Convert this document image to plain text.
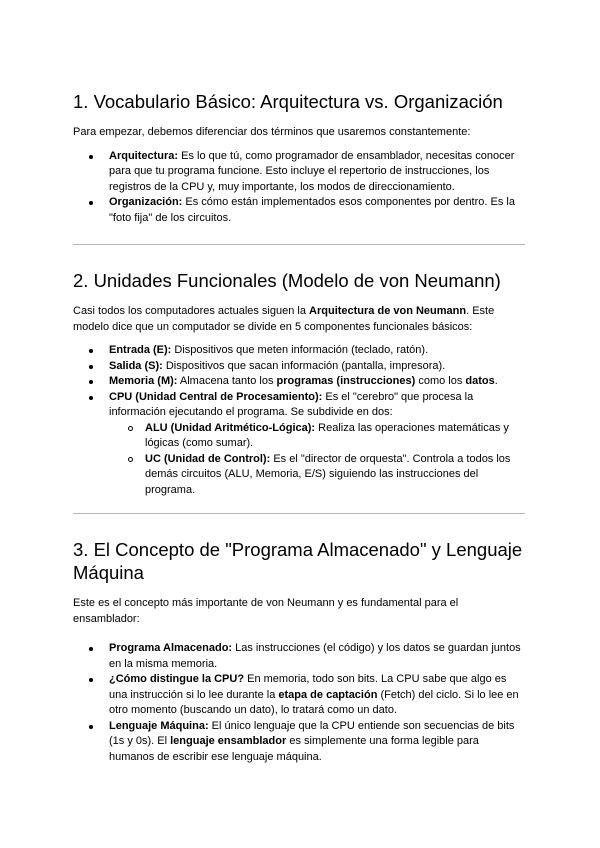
1. Vocabulario Básico: Arquitectura vs. Organización

Para empezar, debemos diferenciar dos términos que usaremos constantemente:

Arquitectura: Es lo que tú, como programador de ensamblador, necesitas conocer para que tu programa funcione. Esto incluye el repertorio de instrucciones, los registros de la CPU y, muy importante, los modos de direccionamiento.
Organización: Es cómo están implementados esos componentes por dentro. Es la "foto fija" de los circuitos.
2. Unidades Funcionales (Modelo de von Neumann)

Casi todos los computadores actuales siguen la Arquitectura de von Neumann. Este modelo dice que un computador se divide en 5 componentes funcionales básicos:

Entrada (E): Dispositivos que meten información (teclado, ratón).
Salida (S): Dispositivos que sacan información (pantalla, impresora).
Memoria (M): Almacena tanto los programas (instrucciones) como los datos.
CPU (Unidad Central de Procesamiento): Es el "cerebro" que procesa la información ejecutando el programa. Se subdivide en dos:
ALU (Unidad Aritmético-Lógica): Realiza las operaciones matemáticas y lógicas (como sumar).
UC (Unidad de Control): Es el "director de orquesta". Controla a todos los demás circuitos (ALU, Memoria, E/S) siguiendo las instrucciones del programa.
3. El Concepto de "Programa Almacenado" y Lenguaje Máquina

Este es el concepto más importante de von Neumann y es fundamental para el ensamblador:

Programa Almacenado: Las instrucciones (el código) y los datos se guardan juntos en la misma memoria.
¿Cómo distingue la CPU? En memoria, todo son bits. La CPU sabe que algo es una instrucción si lo lee durante la etapa de captación (Fetch) del ciclo. Si lo lee en otro momento (buscando un dato), lo tratará como un dato.
Lenguaje Máquina: El único lenguaje que la CPU entiende son secuencias de bits (1s y 0s). El lenguaje ensamblador es simplemente una forma legible para humanos de escribir ese lenguaje máquina.
